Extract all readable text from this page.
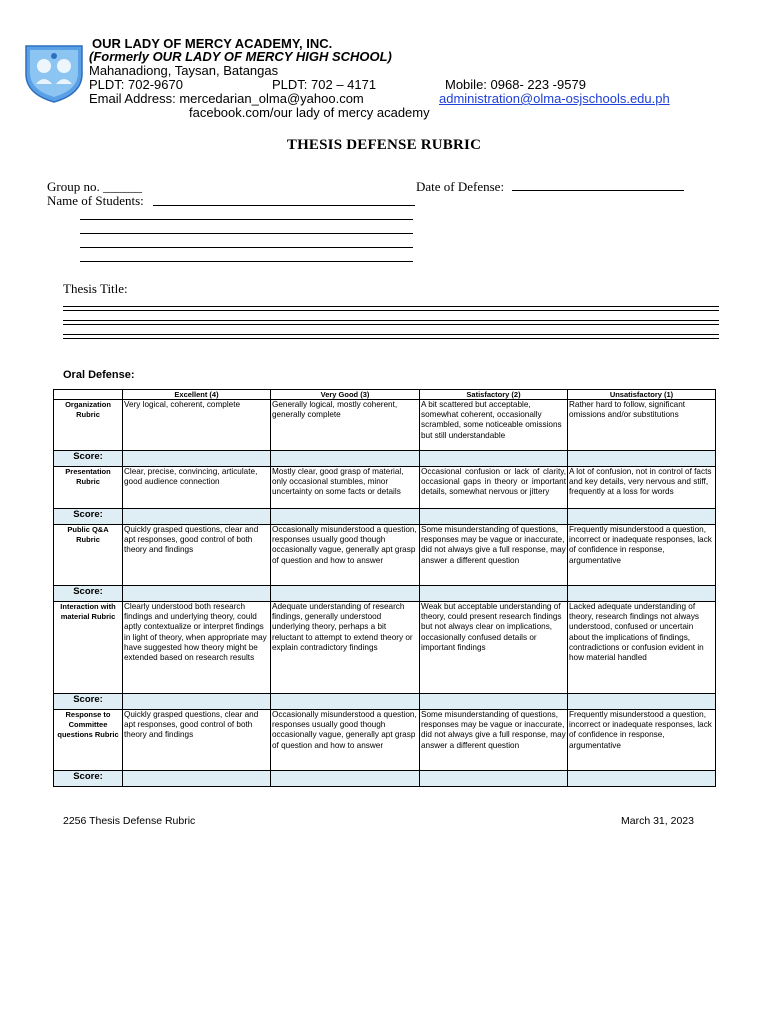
OUR LADY OF MERCY ACADEMY, INC.
(Formerly OUR LADY OF MERCY HIGH SCHOOL)
Mahanadiong, Taysan, Batangas
PLDT: 702-9670	PLDT: 702 – 4171	Mobile: 0968- 223 -9579
Email Address: mercedarian_olma@yahoo.com	administration@olma-osjschools.edu.ph
facebook.com/our lady of mercy academy
THESIS DEFENSE RUBRIC
Group no. ______	Date of Defense:
Name of Students:
Thesis Title:
Oral Defense:
	Excellent (4)	Very Good (3)	Satisfactory (2)	Unsatisfactory (1)
Organization Rubric	Very logical, coherent, complete	Generally logical, mostly coherent, generally complete	A bit scattered but acceptable, somewhat coherent, occasionally scrambled, some noticeable omissions but still understandable	Rather hard to follow, significant omissions and/or substitutions
Score:				
Presentation Rubric	Clear, precise, convincing, articulate, good audience connection	Mostly clear, good grasp of material, only occasional stumbles, minor uncertainty on some facts or details	Occasional confusion or lack of clarity, occasional gaps in theory or important details, somewhat nervous or jittery	A lot of confusion, not in control of facts and key details, very nervous and stiff, frequently at a loss for words
Score:				
Public Q&A Rubric	Quickly grasped questions, clear and apt responses, good control of both theory and findings	Occasionally misunderstood a question, responses usually good though occasionally vague, generally apt grasp of question and how to answer	Some misunderstanding of questions, responses may be vague or inaccurate, did not always give a full response, may answer a different question	Frequently misunderstood a question, incorrect or inadequate responses, lack of confidence in response, argumentative
Score:				
Interaction with material Rubric	Clearly understood both research findings and underlying theory, could aptly contextualize or interpret findings in light of theory, when appropriate may have suggested how theory might be extended based on research results	Adequate understanding of research findings, generally understood underlying theory, perhaps a bit reluctant to attempt to extend theory or explain contradictory findings	Weak but acceptable understanding of theory, could present research findings but not always clear on implications, occasionally confused details or important findings	Lacked adequate understanding of theory, research findings not always understood, confused or uncertain about the implications of findings, contradictions or confusion evident in how material handled
Score:				
Response to Committee questions Rubric	Quickly grasped questions, clear and apt responses, good control of both theory and findings	Occasionally misunderstood a question, responses usually good though occasionally vague, generally apt grasp of question and how to answer	Some misunderstanding of questions, responses may be vague or inaccurate, did not always give a full response, may answer a different question	Frequently misunderstood a question, incorrect or inadequate responses, lack of confidence in response, argumentative
Score:				
2256 Thesis Defense Rubric	March 31, 2023
